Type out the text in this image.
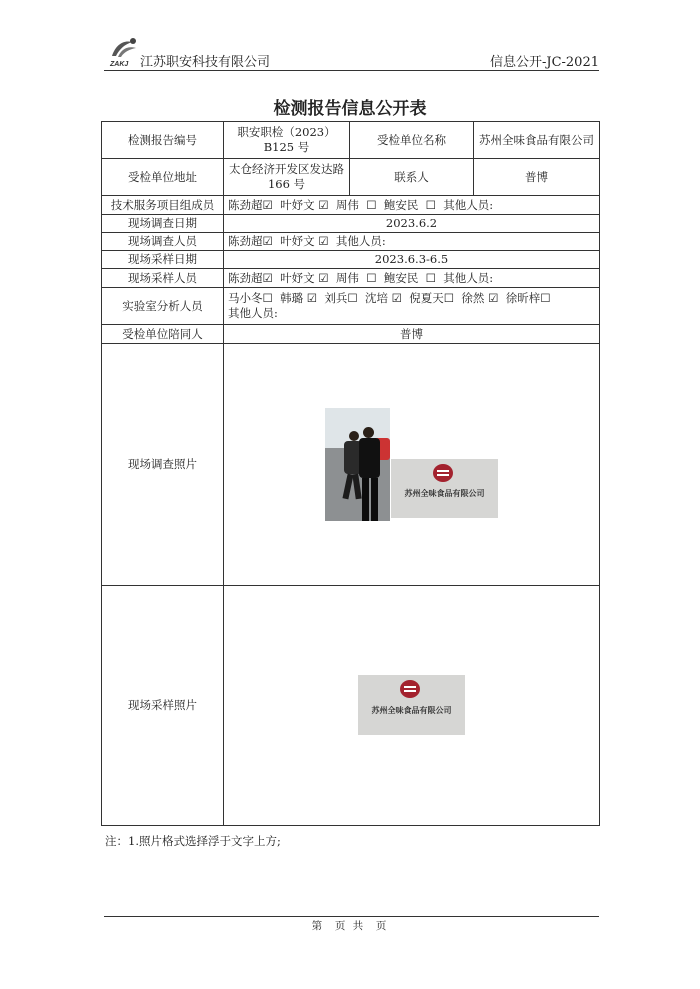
ZAKJ 江苏职安科技有限公司	信息公开-JC-2021
检测报告信息公开表
检测报告编号	职安职检（2023）B125 号	受检单位名称	苏州全味食品有限公司
受检单位地址	太仓经济开发区发达路 166 号	联系人	普博
技术服务项目组成员	陈劲超☑  叶妤文 ☑  周伟  ☐  鲍安民  ☐  其他人员:		
现场调查日期	2023.6.2		
现场调查人员	陈劲超☑  叶妤文 ☑  其他人员:		
现场采样日期	2023.6.3-6.5		
现场采样人员	陈劲超☑  叶妤文 ☑  周伟  ☐  鲍安民  ☐  其他人员:		
实验室分析人员	马小冬☐  韩璐 ☑  刘兵☐  沈培 ☑  倪夏天☐  徐然 ☑  徐昕梓☐
其他人员:		

受检单位陪同人	普博		
现场调查照片	苏州全味食品有限公司		

现场采样照片	苏州全味食品有限公司		
注：1.照片格式选择浮于文字上方;
第  页 共  页
